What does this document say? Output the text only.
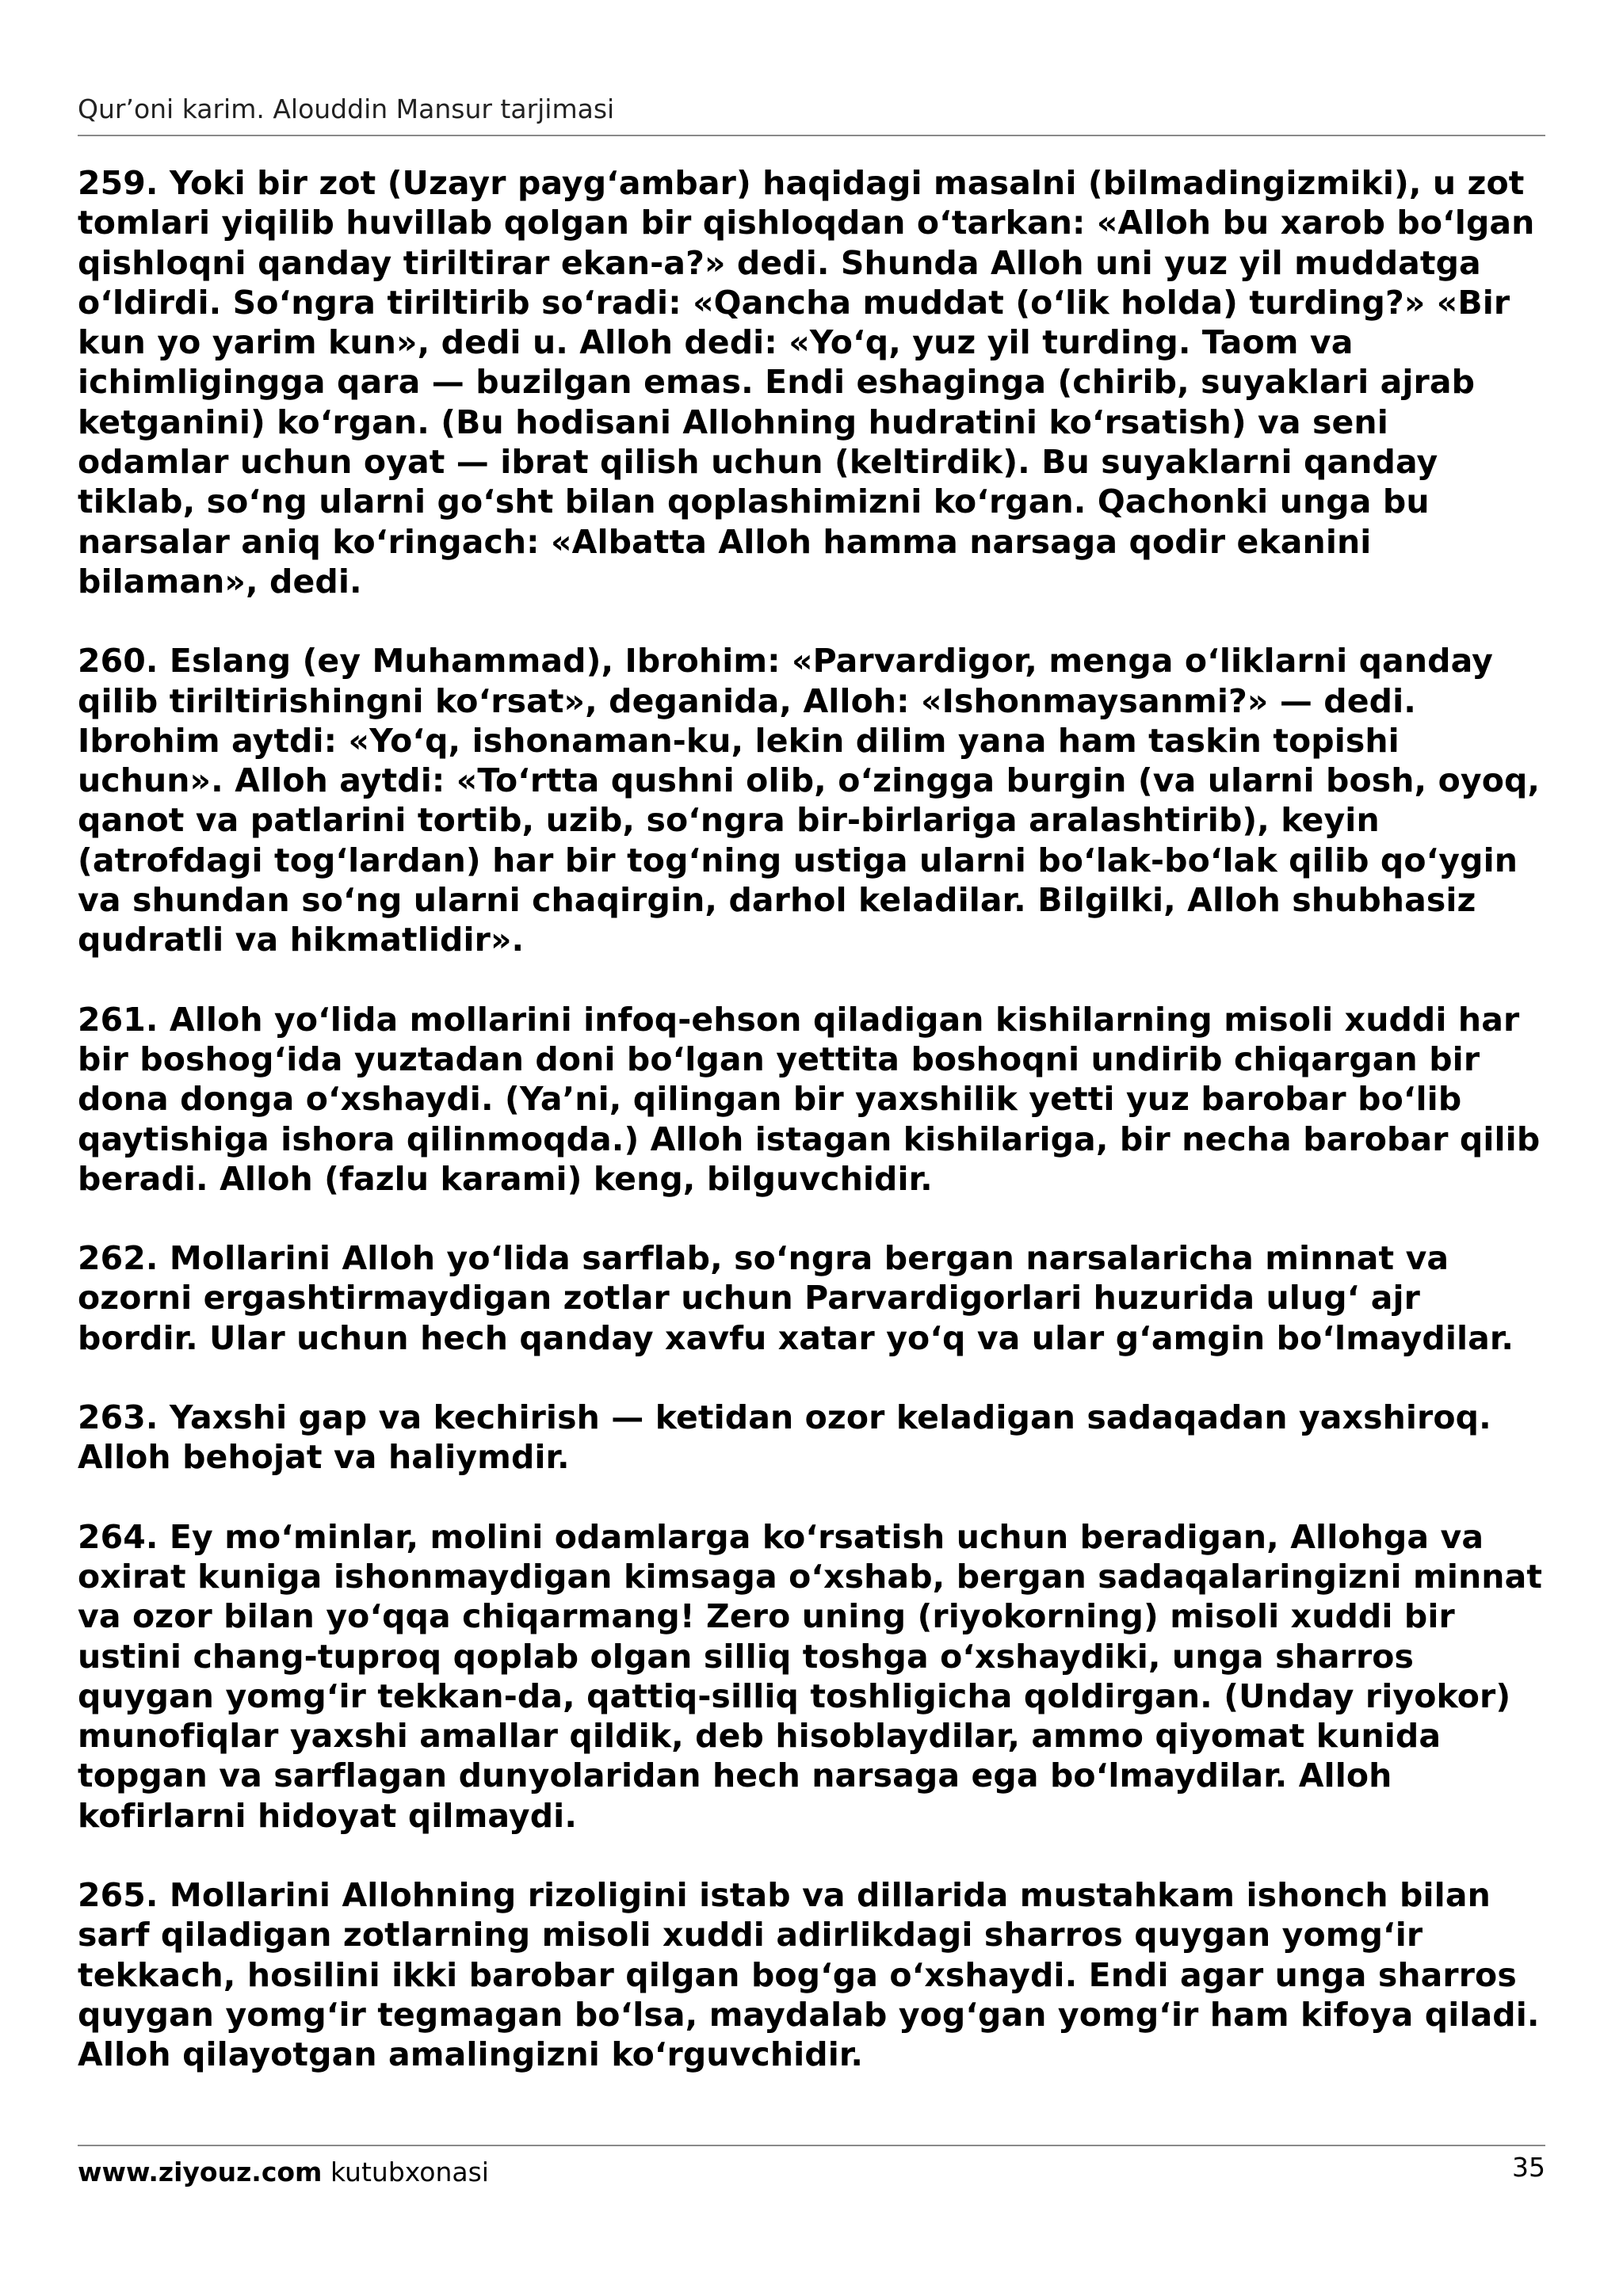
Qur’oni karim. Alouddin Mansur tarjimasi

259. Yoki bir zot (Uzayr payg‘ambar) haqidagi masalni (bilmadingizmiki), u zot tomlari yiqilib huvillab qolgan bir qishloqdan o‘tarkan: «Alloh bu xarob bo‘lgan qishloqni qanday tiriltirar ekan-a?» dedi. Shunda Alloh uni yuz yil muddatga o‘ldirdi. So‘ngra tiriltirib so‘radi: «Qancha muddat (o‘lik holda) turding?» «Bir kun yo yarim kun», dedi u. Alloh dedi: «Yo‘q, yuz yil turding. Taom va ichimligingga qara — buzilgan emas. Endi eshaginga (chirib, suyaklari ajrab ketganini) ko‘rgan. (Bu hodisani Allohning hudratini ko‘rsatish) va seni odamlar uchun oyat — ibrat qilish uchun (keltirdik). Bu suyaklarni qanday tiklab, so‘ng ularni go‘sht bilan qoplashimizni ko‘rgan. Qachonki unga bu narsalar aniq ko‘ringach: «Albatta Alloh hamma narsaga qodir ekanini bilaman», dedi.

260. Eslang (ey Muhammad), Ibrohim: «Parvardigor, menga o‘liklarni qanday qilib tiriltirishingni ko‘rsat», deganida, Alloh: «Ishonmaysanmi?» — dedi. Ibrohim aytdi: «Yo‘q, ishonaman-ku, lekin dilim yana ham taskin topishi uchun». Alloh aytdi: «To‘rtta qushni olib, o‘zingga burgin (va ularni bosh, oyoq, qanot va patlarini tortib, uzib, so‘ngra bir-birlariga aralashtirib), keyin (atrofdagi tog‘lardan) har bir tog‘ning ustiga ularni bo‘lak-bo‘lak qilib qo‘ygin va shundan so‘ng ularni chaqirgin, darhol keladilar. Bilgilki, Alloh shubhasiz qudratli va hikmatlidir».

261. Alloh yo‘lida mollarini infoq-ehson qiladigan kishilarning misoli xuddi har bir boshog‘ida yuztadan doni bo‘lgan yettita boshoqni undirib chiqargan bir dona donga o‘xshaydi. (Ya’ni, qilingan bir yaxshilik yetti yuz barobar bo‘lib qaytishiga ishora qilinmoqda.) Alloh istagan kishilariga, bir necha barobar qilib beradi. Alloh (fazlu karami) keng, bilguvchidir.

262. Mollarini Alloh yo‘lida sarflab, so‘ngra bergan narsalaricha minnat va ozorni ergashtirmaydigan zotlar uchun Parvardigorlari huzurida ulug‘ ajr bordir. Ular uchun hech qanday xavfu xatar yo‘q va ular g‘amgin bo‘lmaydilar.

263. Yaxshi gap va kechirish — ketidan ozor keladigan sadaqadan yaxshiroq. Alloh behojat va haliymdir.

264. Ey mo‘minlar, molini odamlarga ko‘rsatish uchun beradigan, Allohga va oxirat kuniga ishonmaydigan kimsaga o‘xshab, bergan sadaqalaringizni minnat va ozor bilan yo‘qqa chiqarmang! Zero uning (riyokorning) misoli xuddi bir ustini chang-tuproq qoplab olgan silliq toshga o‘xshaydiki, unga sharros quygan yomg‘ir tekkan-da, qattiq-silliq toshligicha qoldirgan. (Unday riyokor) munofiqlar yaxshi amallar qildik, deb hisoblaydilar, ammo qiyomat kunida topgan va sarflagan dunyolaridan hech narsaga ega bo‘lmaydilar. Alloh kofirlarni hidoyat qilmaydi.

265. Mollarini Allohning rizoligini istab va dillarida mustahkam ishonch bilan sarf qiladigan zotlarning misoli xuddi adirlikdagi sharros quygan yomg‘ir tekkach, hosilini ikki barobar qilgan bog‘ga o‘xshaydi. Endi agar unga sharros quygan yomg‘ir tegmagan bo‘lsa, maydalab yog‘gan yomg‘ir ham kifoya qiladi. Alloh qilayotgan amalingizni ko‘rguvchidir.

www.ziyouz.com kutubxonasi	35
